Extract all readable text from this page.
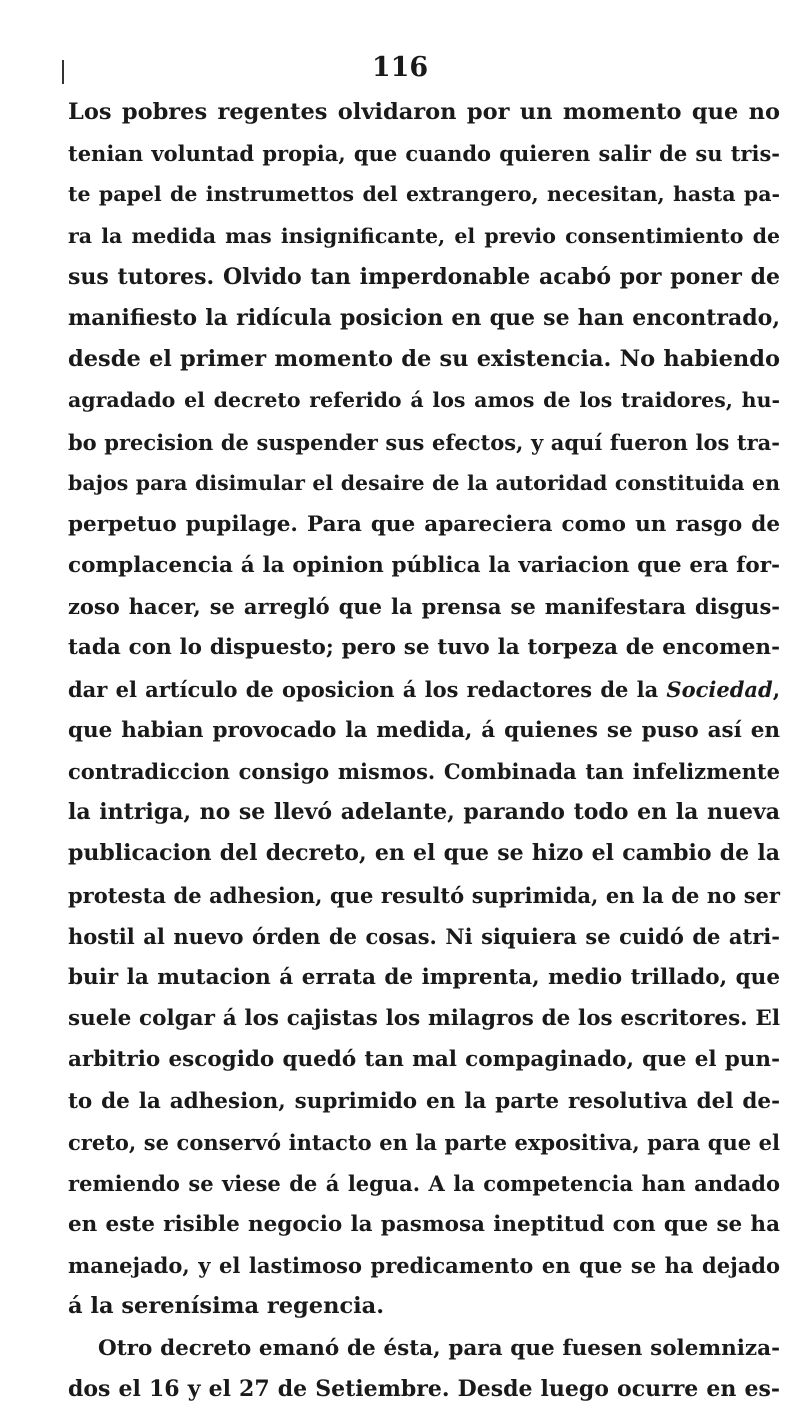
116
Los pobres regentes olvidaron por un momento que no
tenian voluntad propia, que cuando quieren salir de su tris-
te papel de instrumettos del extrangero, necesitan, hasta pa-
ra la medida mas insignificante, el previo consentimiento de
sus tutores. Olvido tan imperdonable acabó por poner de
manifiesto la ridícula posicion en que se han encontrado,
desde el primer momento de su existencia. No habiendo
agradado el decreto referido á los amos de los traidores, hu-
bo precision de suspender sus efectos, y aquí fueron los tra-
bajos para disimular el desaire de la autoridad constituida en
perpetuo pupilage. Para que apareciera como un rasgo de
complacencia á la opinion pública la variacion que era for-
zoso hacer, se arregló que la prensa se manifestara disgus-
tada con lo dispuesto; pero se tuvo la torpeza de encomen-
dar el artículo de oposicion á los redactores de la Sociedad,
que habian provocado la medida, á quienes se puso así en
contradiccion consigo mismos. Combinada tan infelizmente
la intriga, no se llevó adelante, parando todo en la nueva
publicacion del decreto, en el que se hizo el cambio de la
protesta de adhesion, que resultó suprimida, en la de no ser
hostil al nuevo órden de cosas. Ni siquiera se cuidó de atri-
buir la mutacion á errata de imprenta, medio trillado, que
suele colgar á los cajistas los milagros de los escritores. El
arbitrio escogido quedó tan mal compaginado, que el pun-
to de la adhesion, suprimido en la parte resolutiva del de-
creto, se conservó intacto en la parte expositiva, para que el
remiendo se viese de á legua. A la competencia han andado
en este risible negocio la pasmosa ineptitud con que se ha
manejado, y el lastimoso predicamento en que se ha dejado
á la serenísima regencia.
Otro decreto emanó de ésta, para que fuesen solemniza-
dos el 16 y el 27 de Setiembre. Desde luego ocurre en es-
